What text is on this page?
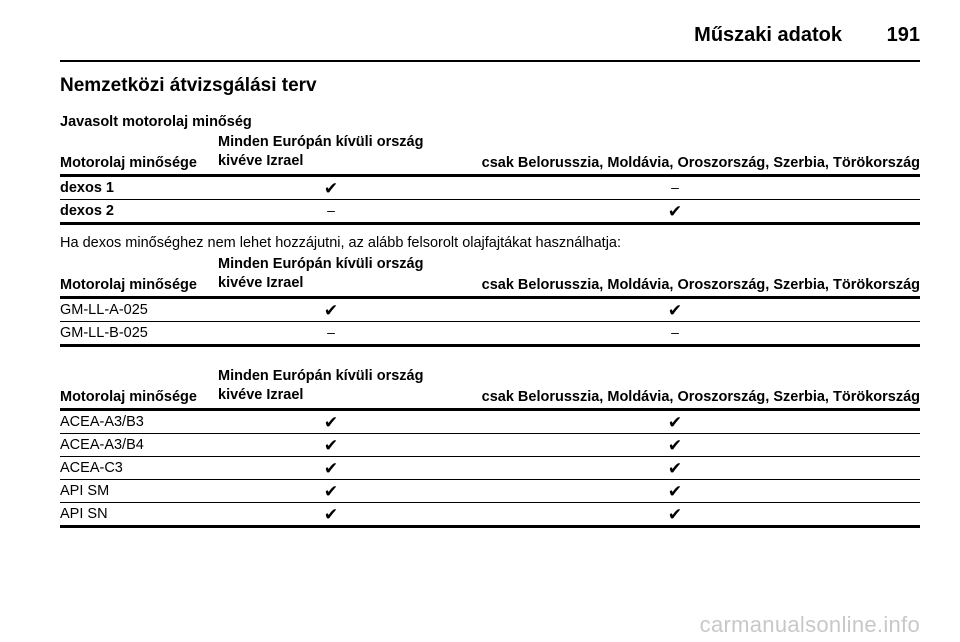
Műszaki adatok 191
Nemzetközi átvizsgálási terv
Javasolt motorolaj minőség
Motorolaj minősége
Minden Európán kívüli ország
kivéve Izrael	csak Belorusszia, Moldávia, Oroszország, Szerbia, Törökország
dexos 1	✔	–
dexos 2	–	✔
Ha dexos minőséghez nem lehet hozzájutni, az alább felsorolt olajfajtákat használhatja:
Motorolaj minősége
Minden Európán kívüli ország
kivéve Izrael	csak Belorusszia, Moldávia, Oroszország, Szerbia, Törökország
GM-LL-A-025	✔	✔
GM-LL-B-025	–	–
Motorolaj minősége
Minden Európán kívüli ország
kivéve Izrael	csak Belorusszia, Moldávia, Oroszország, Szerbia, Törökország
ACEA-A3/B3	✔	✔
ACEA-A3/B4	✔	✔
ACEA-C3	✔	✔
API SM	✔	✔
API SN	✔	✔
carmanualsonline.info
